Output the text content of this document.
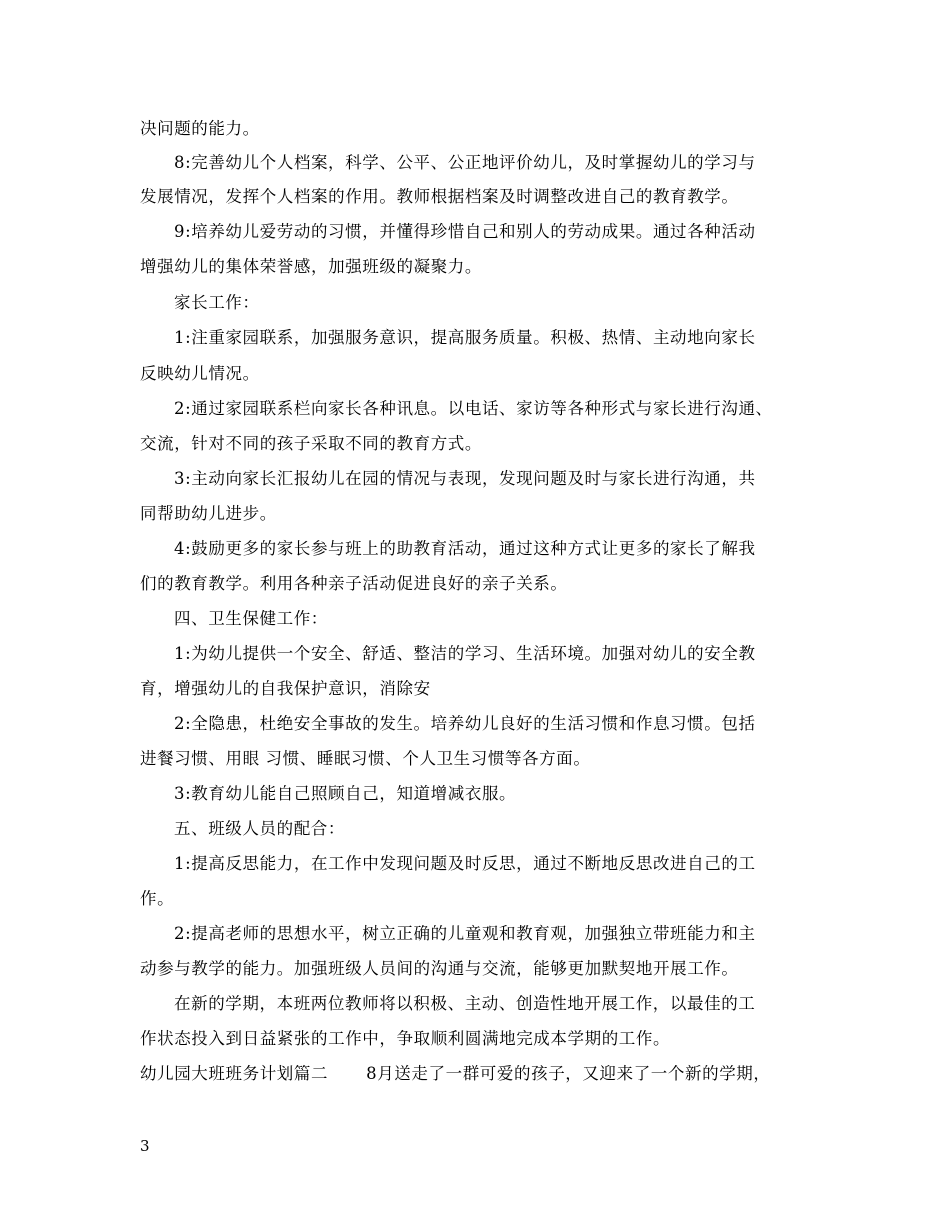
决问题的能力。
8:完善幼儿个人档案，科学、公平、公正地评价幼儿，及时掌握幼儿的学习与
发展情况，发挥个人档案的作用。教师根据档案及时调整改进自己的教育教学。
9:培养幼儿爱劳动的习惯，并懂得珍惜自己和别人的劳动成果。通过各种活动
增强幼儿的集体荣誉感，加强班级的凝聚力。
家长工作：
1:注重家园联系，加强服务意识，提高服务质量。积极、热情、主动地向家长
反映幼儿情况。
2:通过家园联系栏向家长各种讯息。以电话、家访等各种形式与家长进行沟通、
交流，针对不同的孩子采取不同的教育方式。
3:主动向家长汇报幼儿在园的情况与表现，发现问题及时与家长进行沟通，共
同帮助幼儿进步。
4:鼓励更多的家长参与班上的助教育活动，通过这种方式让更多的家长了解我
们的教育教学。利用各种亲子活动促进良好的亲子关系。
四、卫生保健工作：
1:为幼儿提供一个安全、舒适、整洁的学习、生活环境。加强对幼儿的安全教
育，增强幼儿的自我保护意识，消除安
2:全隐患，杜绝安全事故的发生。培养幼儿良好的生活习惯和作息习惯。包括
进餐习惯、用眼 习惯、睡眠习惯、个人卫生习惯等各方面。
3:教育幼儿能自己照顾自己，知道增减衣服。
五、班级人员的配合：
1:提高反思能力，在工作中发现问题及时反思，通过不断地反思改进自己的工
作。
2:提高老师的思想水平，树立正确的儿童观和教育观，加强独立带班能力和主
动参与教学的能力。加强班级人员间的沟通与交流，能够更加默契地开展工作。
在新的学期，本班两位教师将以积极、主动、创造性地开展工作，以最佳的工
作状态投入到日益紧张的工作中，争取顺利圆满地完成本学期的工作。
幼儿园大班班务计划篇二 8月送走了一群可爱的孩子，又迎来了一个新的学期，
3
